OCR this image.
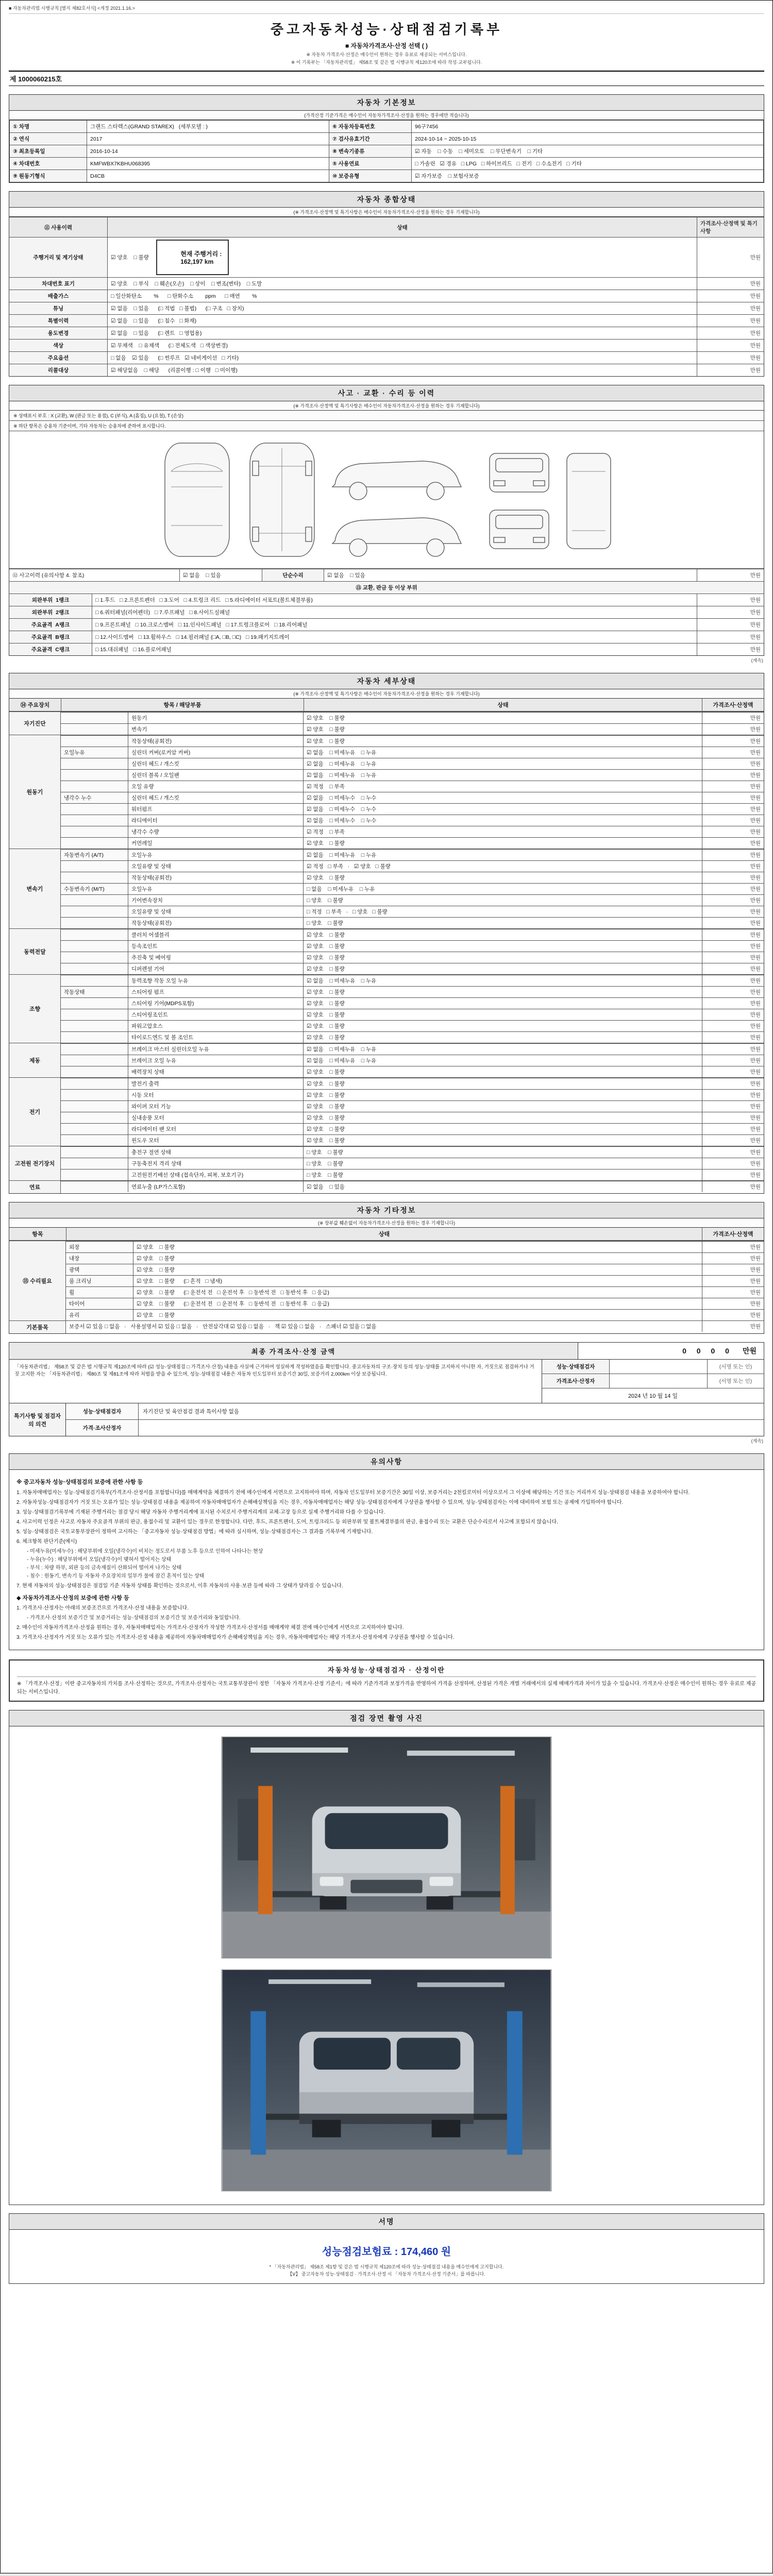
■ 자동차관리법 시행규칙 [별지 제82호서식] <개정 2021.1.16.>
중고자동차성능·상태점검기록부
■ 자동차가격조사·산정 선택 ( )
※ 자동차 가격조사·산정은 매수인이 원하는 경우 유료로 제공되는 서비스입니다.
※ 이 기록부는 「자동차관리법」 제58조 및 같은 법 시행규칙 제120조에 따라 작성·교부됩니다.
제 1000060215호
자동차 기본정보
(가격산정 기준가격은 매수인이 자동차가격조사·산정을 원하는 경우에만 적습니다)
① 차명	그랜드 스타렉스(GRAND STAREX)   (세부모델 : )	⑥ 자동차등록번호	96구7456
② 연식	2017	⑦ 검사유효기간	2024-10-14 ~ 2025-10-15
③ 최초등록일	2016-10-14	⑧ 변속기종류	☑ 자동    □ 수동    □ 세미오토    □ 무단변속기    □ 기타
④ 차대번호	KMFWBX7KBHU068395	⑤ 사용연료	□ 가솔린   ☑ 경유   □ LPG   □ 하이브리드   □ 전기   □ 수소전기   □ 기타
⑨ 원동기형식	D4CB	⑩ 보증유형	☑ 자가보증    □ 보험사보증
자동차 종합상태
(※ 가격조사·산정액 및 특기사항은 매수인이 자동차가격조사·산정을 원하는 경우 기재합니다)
⑪ 사용이력	상태
가격조사·산정액 및 특기사항
주행거리 및 계기상태	☑ 양호    □ 불량	현재 주행거리 :
162,197 km

만원
차대번호 표기	☑ 양호    □ 부식    □ 훼손(오손)    □ 상이    □ 변조(변타)    □ 도말	만원
배출가스	□ 일산화탄소        %      □ 탄화수소        ppm      □ 매연        %	만원
튜닝	☑ 없음    □ 있음      (□ 적법   □ 불법)      (□ 구조   □ 장치)	만원
특별이력	☑ 없음    □ 있음      (□ 침수   □ 화재)	만원
용도변경	☑ 없음    □ 있음      (□ 렌트   □ 영업용)	만원
색상	☑ 무채색    □ 유채색      (□ 전체도색   □ 색상변경)	만원
주요옵션	□ 없음    ☑ 있음      (□ 썬루프   ☑ 네비게이션   □ 기타)	만원
리콜대상	☑ 해당없음    □ 해당      (리콜이행 : □ 이행   □ 미이행)	만원
사고 · 교환 · 수리 등 이력
(※ 가격조사·산정액 및 특기사항은 매수인이 자동차가격조사·산정을 원하는 경우 기재합니다)
※ 상태표시 부호 : X (교환), W (판금 또는 용접), C (부식), A (흠집), U (요철), T (손상)
※ 하단 항목은 승용차 기준이며, 기타 자동차는 승용차에 준하여 표시합니다.
⑫ 사고이력 (유의사항 4. 참조)	☑ 없음    □ 있음	단순수리	☑ 없음    □ 있음	만원
⑬ 교환, 판금 등 이상 부위
외판부위  1랭크	□ 1.후드   □ 2.프론트펜더   □ 3.도어   □ 4.트렁크 리드   □ 5.라디에이터 서포트(볼트체결부품)	만원
외판부위  2랭크	□ 6.쿼터패널(리어펜더)   □ 7.루프패널   □ 8.사이드실패널	만원
주요골격  A랭크	□ 9.프론트패널   □ 10.크로스멤버   □ 11.인사이드패널   □ 17.트렁크플로어   □ 18.리어패널	만원
주요골격  B랭크	□ 12.사이드멤버   □ 13.휠하우스   □ 14.필러패널 (□A, □B, □C)   □ 19.패키지트레이	만원
주요골격  C랭크	□ 15.대쉬패널   □ 16.플로어패널	만원
(계속)
자동차 세부상태
(※ 가격조사·산정액 및 특기사항은 매수인이 자동차가격조사·산정을 원하는 경우 기재합니다)
⑭ 주요장치	항목 / 해당부품	상태	가격조사·산정액
자기진단
원동기	☑ 양호    □ 불량	만원
변속기	☑ 양호    □ 불량	만원
원동기
작동상태(공회전)	☑ 양호    □ 불량	만원
오일누유	실린더 커버(로커암 커버)	☑ 없음    □ 미세누유    □ 누유	만원
실린더 헤드 / 개스킷	☑ 없음    □ 미세누유    □ 누유	만원
실린더 블록 / 오일팬	☑ 없음    □ 미세누유    □ 누유	만원
오일 유량	☑ 적정    □ 부족	만원
냉각수 누수	실린더 헤드 / 개스킷	☑ 없음    □ 미세누수    □ 누수	만원
워터펌프	☑ 없음    □ 미세누수    □ 누수	만원
라디에이터	☑ 없음    □ 미세누수    □ 누수	만원
냉각수 수량	☑ 적정    □ 부족	만원
커먼레일	☑ 양호    □ 불량	만원
변속기
자동변속기 (A/T)	오일누유	☑ 없음    □ 미세누유    □ 누유	만원
오일유량 및 상태	☑ 적정   □ 부족   ·   ☑ 양호   □ 불량	만원
작동상태(공회전)	☑ 양호    □ 불량	만원
수동변속기 (M/T)	오일누유	□ 없음    □ 미세누유    □ 누유	만원
기어변속장치	□ 양호    □ 불량	만원
오일유량 및 상태	□ 적정   □ 부족   ·   □ 양호   □ 불량	만원
작동상태(공회전)	□ 양호    □ 불량	만원
동력전달
클러치 어셈블리	☑ 양호    □ 불량	만원
등속조인트	☑ 양호    □ 불량	만원
추진축 및 베어링	☑ 양호    □ 불량	만원
디퍼렌셜 기어	☑ 양호    □ 불량	만원
조향
동력조향 작동 오일 누유	☑ 없음    □ 미세누유    □ 누유	만원
작동상태	스티어링 펌프	☑ 양호    □ 불량	만원
스티어링 기어(MDPS포함)	☑ 양호    □ 불량	만원
스티어링조인트	☑ 양호    □ 불량	만원
파워고압호스	☑ 양호    □ 불량	만원
타이로드엔드 및 볼 조인트	☑ 양호    □ 불량	만원
제동
브레이크 마스터 실린더오일 누유	☑ 없음    □ 미세누유    □ 누유	만원
브레이크 오일 누유	☑ 없음    □ 미세누유    □ 누유	만원
배력장치 상태	☑ 양호    □ 불량	만원
전기
발전기 출력	☑ 양호    □ 불량	만원
시동 모터	☑ 양호    □ 불량	만원
와이퍼 모터 기능	☑ 양호    □ 불량	만원
실내송풍 모터	☑ 양호    □ 불량	만원
라디에이터 팬 모터	☑ 양호    □ 불량	만원
윈도우 모터	☑ 양호    □ 불량	만원
고전원 전기장치
충전구 절연 상태	□ 양호    □ 불량	만원
구동축전지 격리 상태	□ 양호    □ 불량	만원
고전원전기배선 상태 (접속단자, 피복, 보호기구)	□ 양호    □ 불량	만원
연료	연료누출 (LP가스포함)	☑ 없음    □ 있음	만원
자동차 기타정보
(※ 장부값 훼손없이 자동차가격조사·산정을 원하는 경우 기재합니다)
항목	상태	가격조사·산정액
⑮ 수리필요
외장	☑ 양호    □ 불량	만원
내장	☑ 양호    □ 불량	만원
광택	☑ 양호    □ 불량	만원
룸 크리닝	☑ 양호    □ 불량      (□ 흔적   □ 냄새)	만원
휠	☑ 양호    □ 불량      (□ 운전석 전   □ 운전석 후   □ 동반석 전   □ 동반석 후   □ 응급)	만원
타이어	☑ 양호    □ 불량      (□ 운전석 전   □ 운전석 후   □ 동반석 전   □ 동반석 후   □ 응급)	만원
유리	☑ 양호    □ 불량	만원
기본품목	보증서 ☑ 있음 □ 없음   ·   사용설명서 ☑ 있음 □ 없음   ·   안전삼각대 ☑ 있음 □ 없음   ·   잭 ☑ 있음 □ 없음   ·   스패너 ☑ 있음 □ 없음	만원
최종 가격조사·산정 금액	0 0 0 0 만원
「자동차관리법」 제58조 및 같은 법 시행규칙 제120조에 따라 (☑ 성능·상태점검 □ 가격조사·산정) 내용을 사실에 근거하여 성실하게 작성하였음을 확인합니다. 중고자동차의 구조·장치 등의 성능·상태를 고지하지 아니한 자, 거짓으로 점검하거나 거짓 고지한 자는 「자동차관리법」 제80조 및 제81조에 따라 처벌을 받을 수 있으며, 성능·상태점검 내용은 자동차 인도일부터 보증기간 30일, 보증거리 2,000km 이상 보증됩니다.
성능·상태점검자	(서명 또는 인)
가격조사·산정자	(서명 또는 인)
2024 년 10 월 14 일
특기사항 및 점검자의 의견
성능·상태점검자	자기진단 및 육안점검 결과 특이사항 없음
가격·조사산정자
(계속)
유의사항
※ 중고자동차 성능·상태점검의 보증에 관한 사항 등
1. 자동차매매업자는 성능·상태점검기록부(가격조사·산정서를 포함합니다)를 매매계약을 체결하기 전에 매수인에게 서면으로 고지하여야 하며, 자동차 인도일부터 보증기간은 30일 이상, 보증거리는 2천킬로미터 이상으로서 그 이상에 해당하는 기간 또는 거리까지 성능·상태점검 내용을 보증하여야 합니다.
2. 자동차성능·상태점검자가 거짓 또는 오류가 있는 성능·상태점검 내용을 제공하여 자동차매매업자가 손해배상책임을 지는 경우, 자동차매매업자는 해당 성능·상태점검자에게 구상권을 행사할 수 있으며, 성능·상태점검자는 이에 대비하여 보험 또는 공제에 가입하여야 합니다.
3. 성능·상태점검기록부에 기재된 주행거리는 점검 당시 해당 자동차 주행거리계에 표시된 수치로서 주행거리계의 교체·고장 등으로 실제 주행거리와 다를 수 있습니다.
4. 사고이력 인정은 사고로 자동차 주요골격 부위의 판금, 용접수리 및 교환이 있는 경우로 한정합니다. 다만, 후드, 프론트펜더, 도어, 트렁크리드 등 외판부위 및 볼트체결부품의 판금, 용접수리 또는 교환은 단순수리로서 사고에 포함되지 않습니다.
5. 성능·상태점검은 국토교통부장관이 정하여 고시하는 「중고자동차 성능·상태점검 방법」에 따라 실시하며, 성능·상태점검자는 그 결과를 기록부에 기재합니다.
6. 체크항목 판단기준(예시)
- 미세누유(미세누수) : 해당부위에 오일(냉각수)이 비치는 정도로서 부품 노후 등으로 인하여 나타나는 현상
- 누유(누수) : 해당부위에서 오일(냉각수)이 맺혀서 떨어지는 상태
- 부식 : 차량 하부, 외판 등의 금속재질이 산화되어 떨어져 나가는 상태
- 침수 : 원동기, 변속기 등 자동차 주요장치의 일부가 물에 잠긴 흔적이 있는 상태
7. 현재 자동차의 성능·상태점검은 점검일 기준 자동차 상태를 확인하는 것으로서, 이후 자동차의 사용·보관 등에 따라 그 상태가 달라질 수 있습니다.
◆ 자동차가격조사·산정의 보증에 관한 사항 등
1. 가격조사·산정자는 아래의 보증조건으로 가격조사·산정 내용을 보증합니다.
- 가격조사·산정의 보증기간 및 보증거리는 성능·상태점검의 보증기간 및 보증거리와 동일합니다.
2. 매수인이 자동차가격조사·산정을 원하는 경우, 자동차매매업자는 가격조사·산정자가 작성한 가격조사·산정서를 매매계약 체결 전에 매수인에게 서면으로 고지하여야 합니다.
3. 가격조사·산정자가 거짓 또는 오류가 있는 가격조사·산정 내용을 제공하여 자동차매매업자가 손해배상책임을 지는 경우, 자동차매매업자는 해당 가격조사·산정자에게 구상권을 행사할 수 있습니다.
자동차성능·상태점검자 · 산정이란
※ 「가격조사·산정」이란 중고자동차의 가치를 조사·산정하는 것으로, 가격조사·산정자는 국토교통부장관이 정한 「자동차 가격조사·산정 기준서」에 따라 기준가격과 보정가격을 반영하여 가격을 산정하며, 산정된 가격은 개별 거래에서의 실제 매매가격과 차이가 있을 수 있습니다. 가격조사·산정은 매수인이 원하는 경우 유료로 제공되는 서비스입니다.
점검 장면 촬영 사진
서명
성능점검보험료 : 174,460 원
* 「자동차관리법」 제58조 제1항 및 같은 법 시행규칙 제120조에 따라 성능·상태점검 내용을 매수인에게 고지합니다.
【Ⅴ】 중고자동차 성능·상태점검 · 가격조사·산정 시 「자동차 가격조사·산정 기준서」를 따릅니다.
